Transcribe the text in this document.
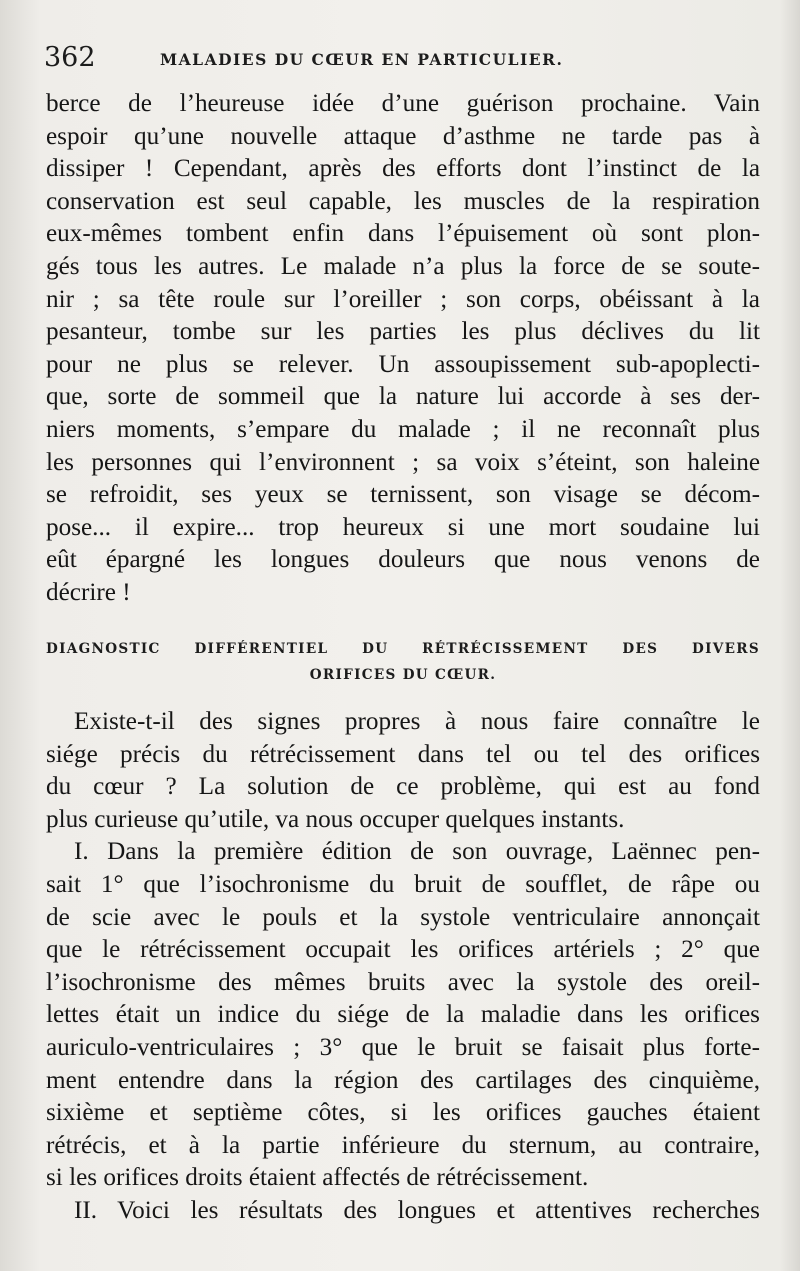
362	MALADIES DU CŒUR EN PARTICULIER.
berce de l’heureuse idée d’une guérison prochaine. Vain
espoir qu’une nouvelle attaque d’asthme ne tarde pas à
dissiper ! Cependant, après des efforts dont l’instinct de la
conservation est seul capable, les muscles de la respiration
eux-mêmes tombent enfin dans l’épuisement où sont plon-
gés tous les autres. Le malade n’a plus la force de se soute-
nir ; sa tête roule sur l’oreiller ; son corps, obéissant à la
pesanteur, tombe sur les parties les plus déclives du lit
pour ne plus se relever. Un assoupissement sub-apoplecti-
que, sorte de sommeil que la nature lui accorde à ses der-
niers moments, s’empare du malade ; il ne reconnaît plus
les personnes qui l’environnent ; sa voix s’éteint, son haleine
se refroidit, ses yeux se ternissent, son visage se décom-
pose... il expire... trop heureux si une mort soudaine lui
eût épargné les longues douleurs que nous venons de
décrire !
DIAGNOSTIC DIFFÉRENTIEL DU RÉTRÉCISSEMENT DES DIVERS
ORIFICES DU CŒUR.
Existe-t-il des signes propres à nous faire connaître le
siége précis du rétrécissement dans tel ou tel des orifices
du cœur ? La solution de ce problème, qui est au fond
plus curieuse qu’utile, va nous occuper quelques instants.
I. Dans la première édition de son ouvrage, Laënnec pen-
sait 1° que l’isochronisme du bruit de soufflet, de râpe ou
de scie avec le pouls et la systole ventriculaire annonçait
que le rétrécissement occupait les orifices artériels ; 2° que
l’isochronisme des mêmes bruits avec la systole des oreil-
lettes était un indice du siége de la maladie dans les orifices
auriculo-ventriculaires ; 3° que le bruit se faisait plus forte-
ment entendre dans la région des cartilages des cinquième,
sixième et septième côtes, si les orifices gauches étaient
rétrécis, et à la partie inférieure du sternum, au contraire,
si les orifices droits étaient affectés de rétrécissement.
II. Voici les résultats des longues et attentives recherches
